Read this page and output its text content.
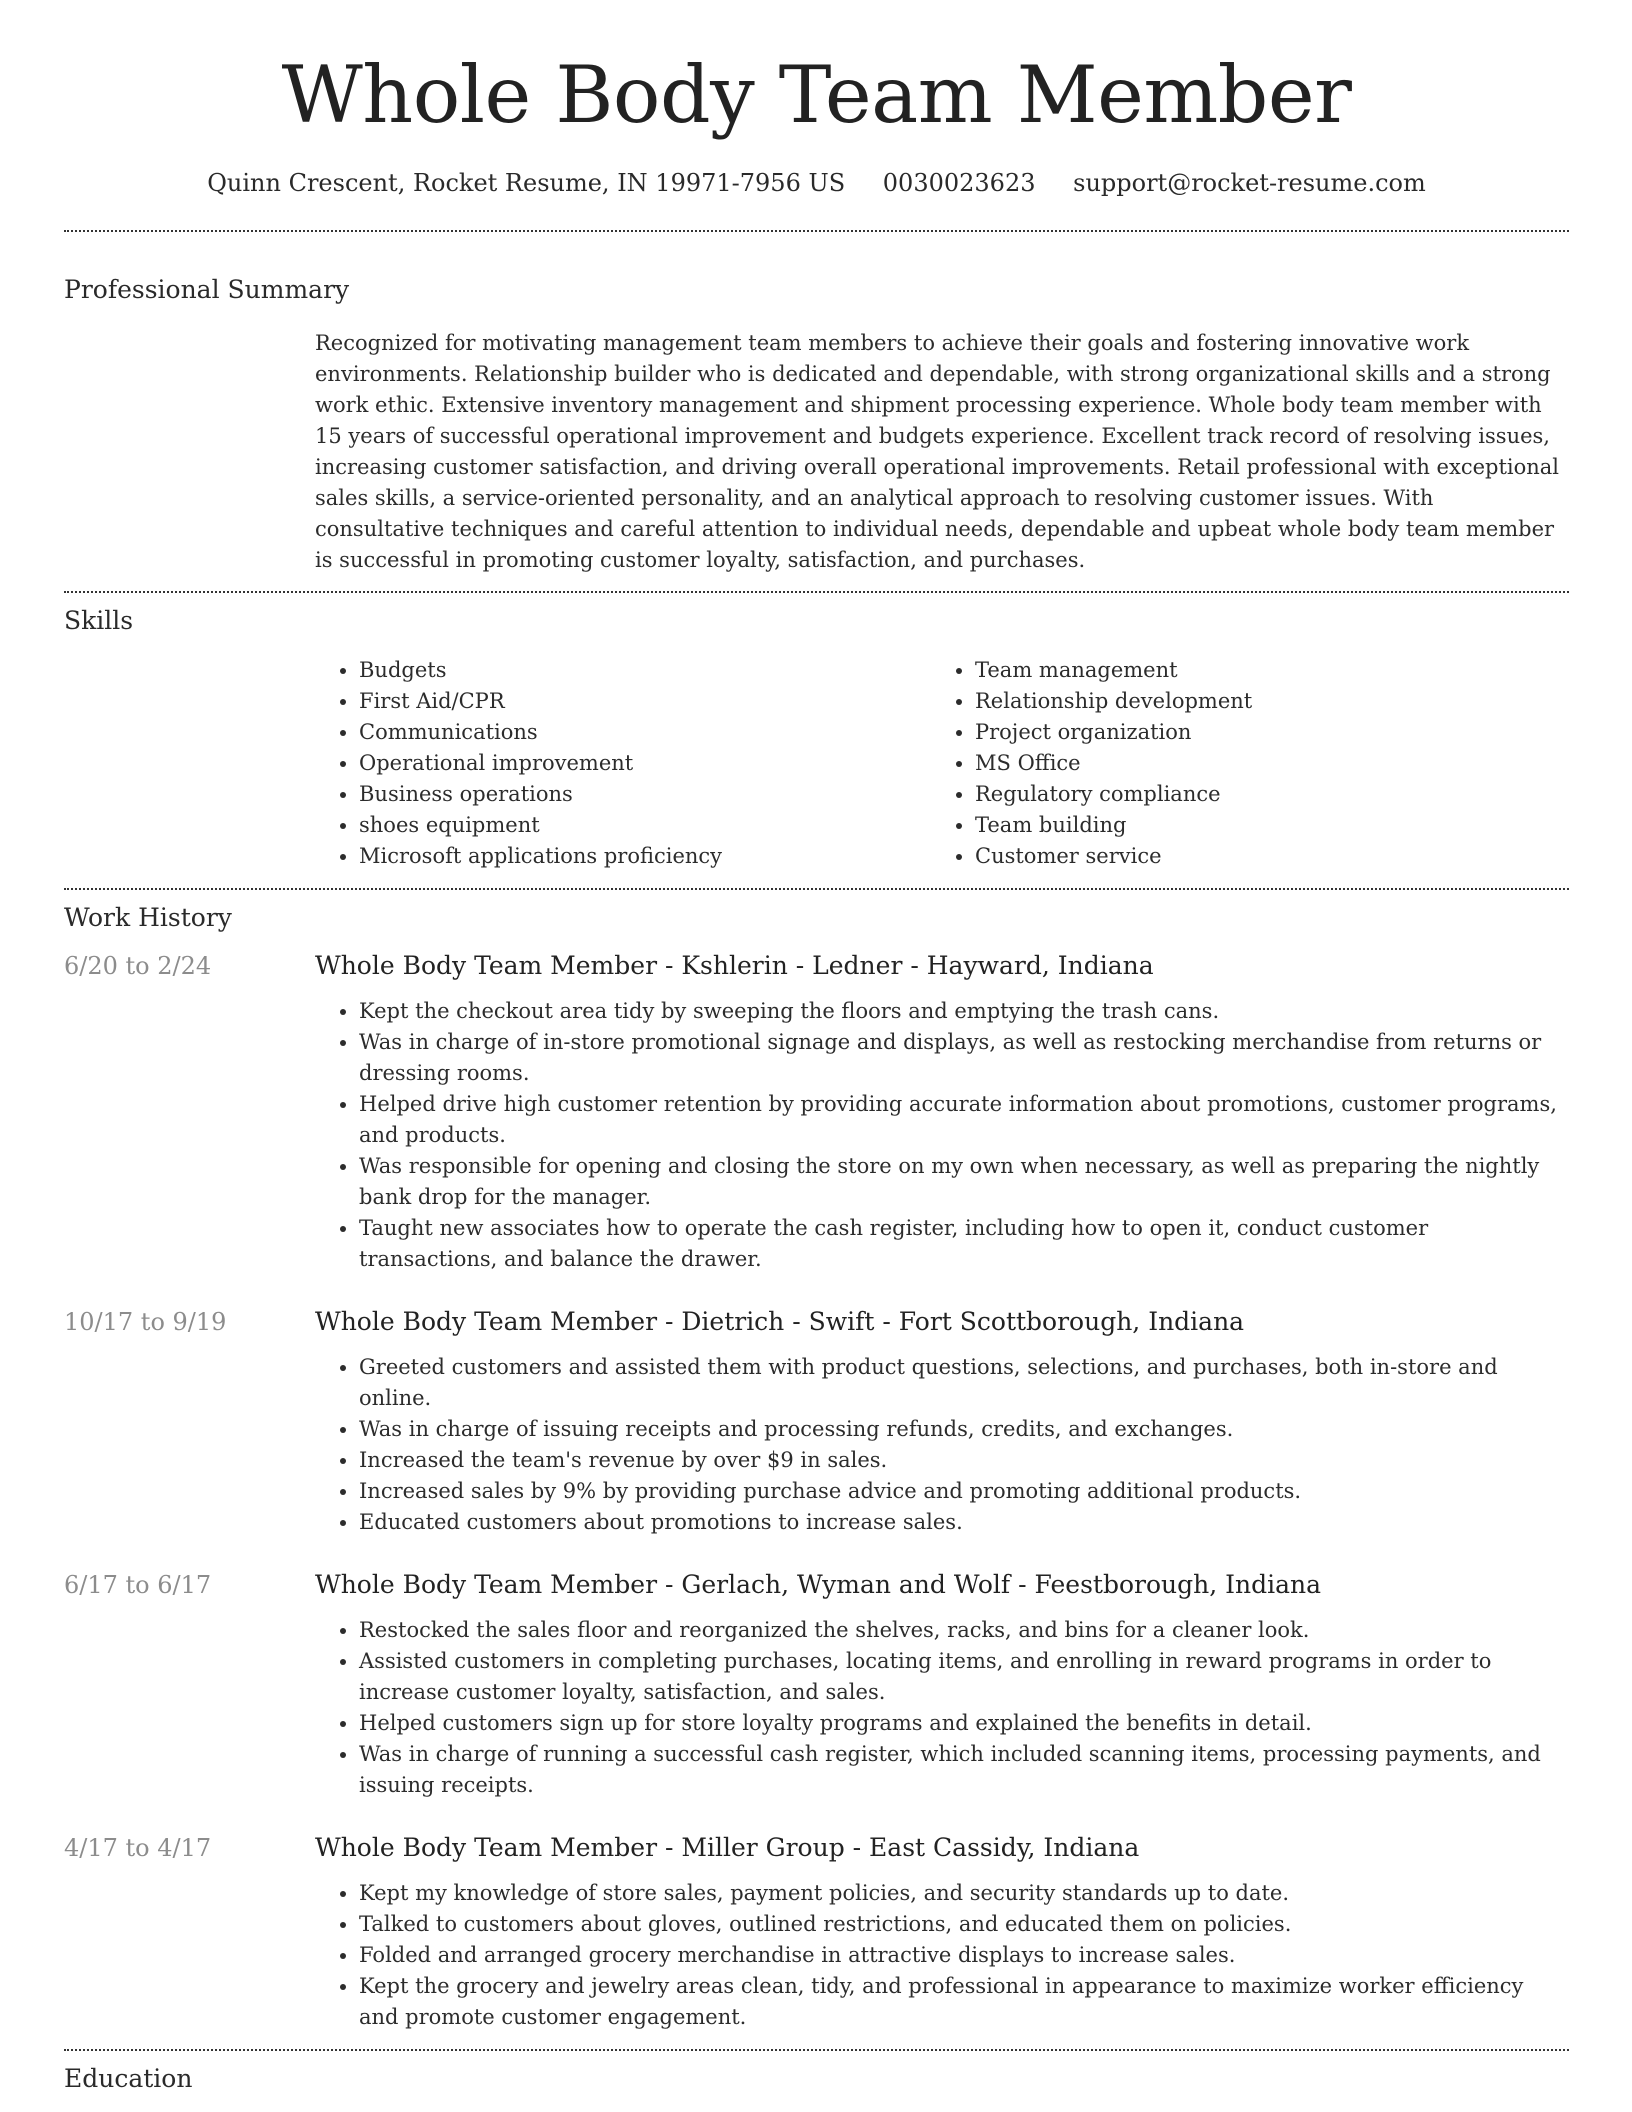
Whole Body Team Member
Quinn Crescent, Rocket Resume, IN 19971-7956 US 0030023623 support@rocket-resume.com
Professional Summary
Recognized for motivating management team members to achieve their goals and fostering innovative work environments. Relationship builder who is dedicated and dependable, with strong organizational skills and a strong work ethic. Extensive inventory management and shipment processing experience. Whole body team member with 15 years of successful operational improvement and budgets experience. Excellent track record of resolving issues, increasing customer satisfaction, and driving overall operational improvements. Retail professional with exceptional sales skills, a service-oriented personality, and an analytical approach to resolving customer issues. With consultative techniques and careful attention to individual needs, dependable and upbeat whole body team member is successful in promoting customer loyalty, satisfaction, and purchases.
Skills
• Budgets
• First Aid/CPR
• Communications
• Operational improvement
• Business operations
• shoes equipment
• Microsoft applications proficiency
• Team management
• Relationship development
• Project organization
• MS Office
• Regulatory compliance
• Team building
• Customer service
Work History
6/20 to 2/24	Whole Body Team Member - Kshlerin - Ledner - Hayward, Indiana
• Kept the checkout area tidy by sweeping the floors and emptying the trash cans.
• Was in charge of in-store promotional signage and displays, as well as restocking merchandise from returns or dressing rooms.
• Helped drive high customer retention by providing accurate information about promotions, customer programs, and products.
• Was responsible for opening and closing the store on my own when necessary, as well as preparing the nightly bank drop for the manager.
• Taught new associates how to operate the cash register, including how to open it, conduct customer transactions, and balance the drawer.
10/17 to 9/19	Whole Body Team Member - Dietrich - Swift - Fort Scottborough, Indiana
• Greeted customers and assisted them with product questions, selections, and purchases, both in-store and online.
• Was in charge of issuing receipts and processing refunds, credits, and exchanges.
• Increased the team's revenue by over $9 in sales.
• Increased sales by 9% by providing purchase advice and promoting additional products.
• Educated customers about promotions to increase sales.
6/17 to 6/17	Whole Body Team Member - Gerlach, Wyman and Wolf - Feestborough, Indiana
• Restocked the sales floor and reorganized the shelves, racks, and bins for a cleaner look.
• Assisted customers in completing purchases, locating items, and enrolling in reward programs in order to increase customer loyalty, satisfaction, and sales.
• Helped customers sign up for store loyalty programs and explained the benefits in detail.
• Was in charge of running a successful cash register, which included scanning items, processing payments, and issuing receipts.
4/17 to 4/17	Whole Body Team Member - Miller Group - East Cassidy, Indiana
• Kept my knowledge of store sales, payment policies, and security standards up to date.
• Talked to customers about gloves, outlined restrictions, and educated them on policies.
• Folded and arranged grocery merchandise in attractive displays to increase sales.
• Kept the grocery and jewelry areas clean, tidy, and professional in appearance to maximize worker efficiency and promote customer engagement.
Education
